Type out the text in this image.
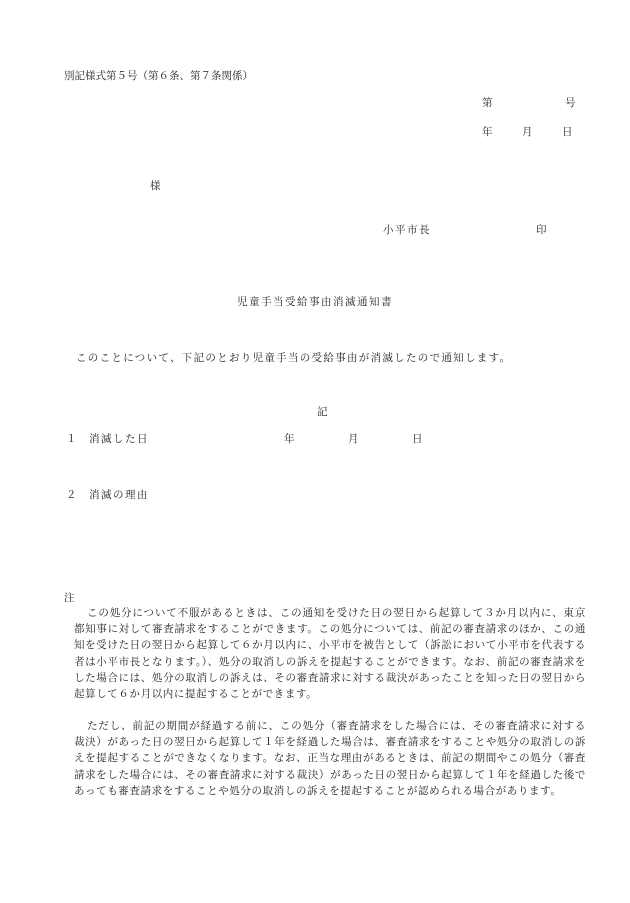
別記様式第５号（第６条、第７条関係）
第	号
年	月	日
様
小平市長	印
児童手当受給事由消滅通知書
このことについて、下記のとおり児童手当の受給事由が消滅したので通知します。
記
１ 消滅した日	年	月	日
２ 消滅の理由
注

この処分について不服があるときは、この通知を受けた日の翌日から起算して３か月以内に、東京都知事に対して審査請求をすることができます。この処分については、前記の審査請求のほか、この通知を受けた日の翌日から起算して６か月以内に、小平市を被告として（訴訟において小平市を代表する者は小平市長となります。）、処分の取消しの訴えを提起することができます。なお、前記の審査請求をした場合には、処分の取消しの訴えは、その審査請求に対する裁決があったことを知った日の翌日から起算して６か月以内に提起することができます。

ただし、前記の期間が経過する前に、この処分（審査請求をした場合には、その審査請求に対する裁決）があった日の翌日から起算して１年を経過した場合は、審査請求をすることや処分の取消しの訴えを提起することができなくなります。なお、正当な理由があるときは、前記の期間やこの処分（審査請求をした場合には、その審査請求に対する裁決）があった日の翌日から起算して１年を経過した後であっても審査請求をすることや処分の取消しの訴えを提起することが認められる場合があります。
